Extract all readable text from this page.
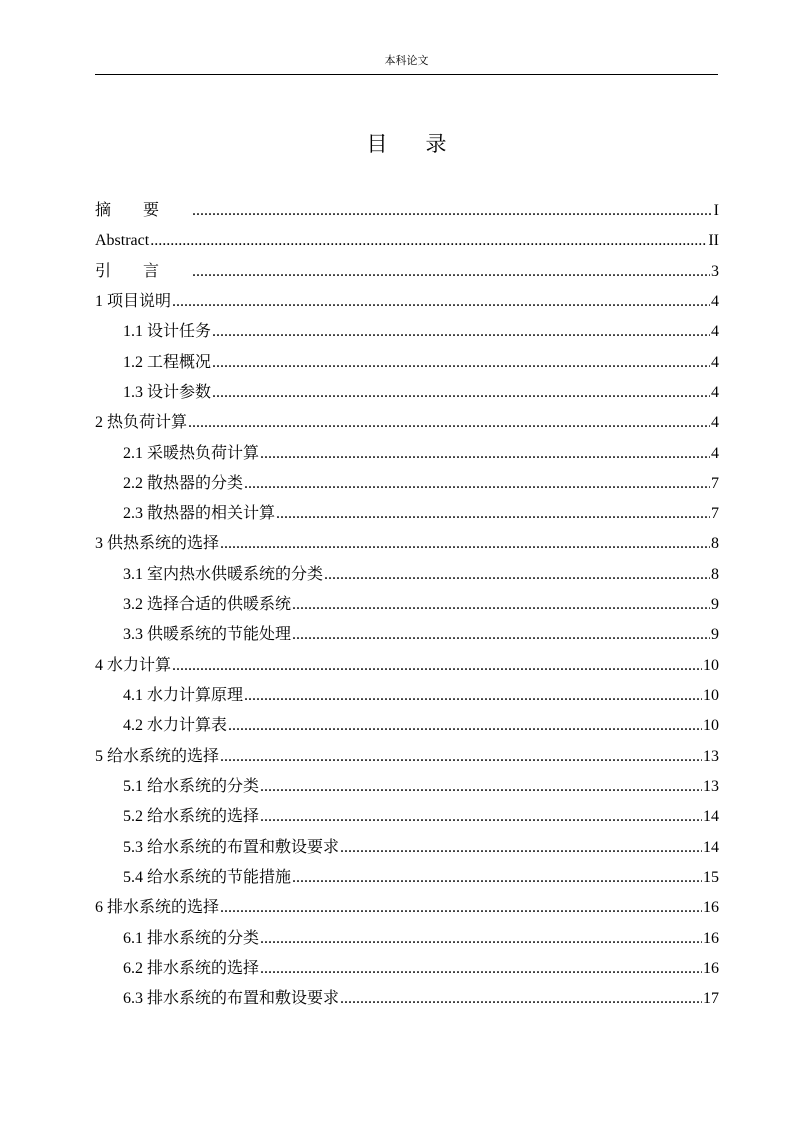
本科论文
目录
摘要 .....	I
Abstract .....	II
引言 .....	3
1 项目说明 .....	4
1.1 设计任务 .....	4
1.2 工程概况 .....	4
1.3 设计参数 .....	4
2 热负荷计算 .....	4
2.1 采暖热负荷计算 .....	4
2.2 散热器的分类 .....	7
2.3 散热器的相关计算 .....	7
3 供热系统的选择 .....	8
3.1 室内热水供暖系统的分类 .....	8
3.2 选择合适的供暖系统 .....	9
3.3 供暖系统的节能处理 .....	9
4 水力计算 .....	10
4.1 水力计算原理 .....	10
4.2 水力计算表 .....	10
5 给水系统的选择 .....	13
5.1 给水系统的分类 .....	13
5.2 给水系统的选择 .....	14
5.3 给水系统的布置和敷设要求 .....	14
5.4 给水系统的节能措施 .....	15
6 排水系统的选择 .....	16
6.1 排水系统的分类 .....	16
6.2 排水系统的选择 .....	16
6.3 排水系统的布置和敷设要求 .....	17
